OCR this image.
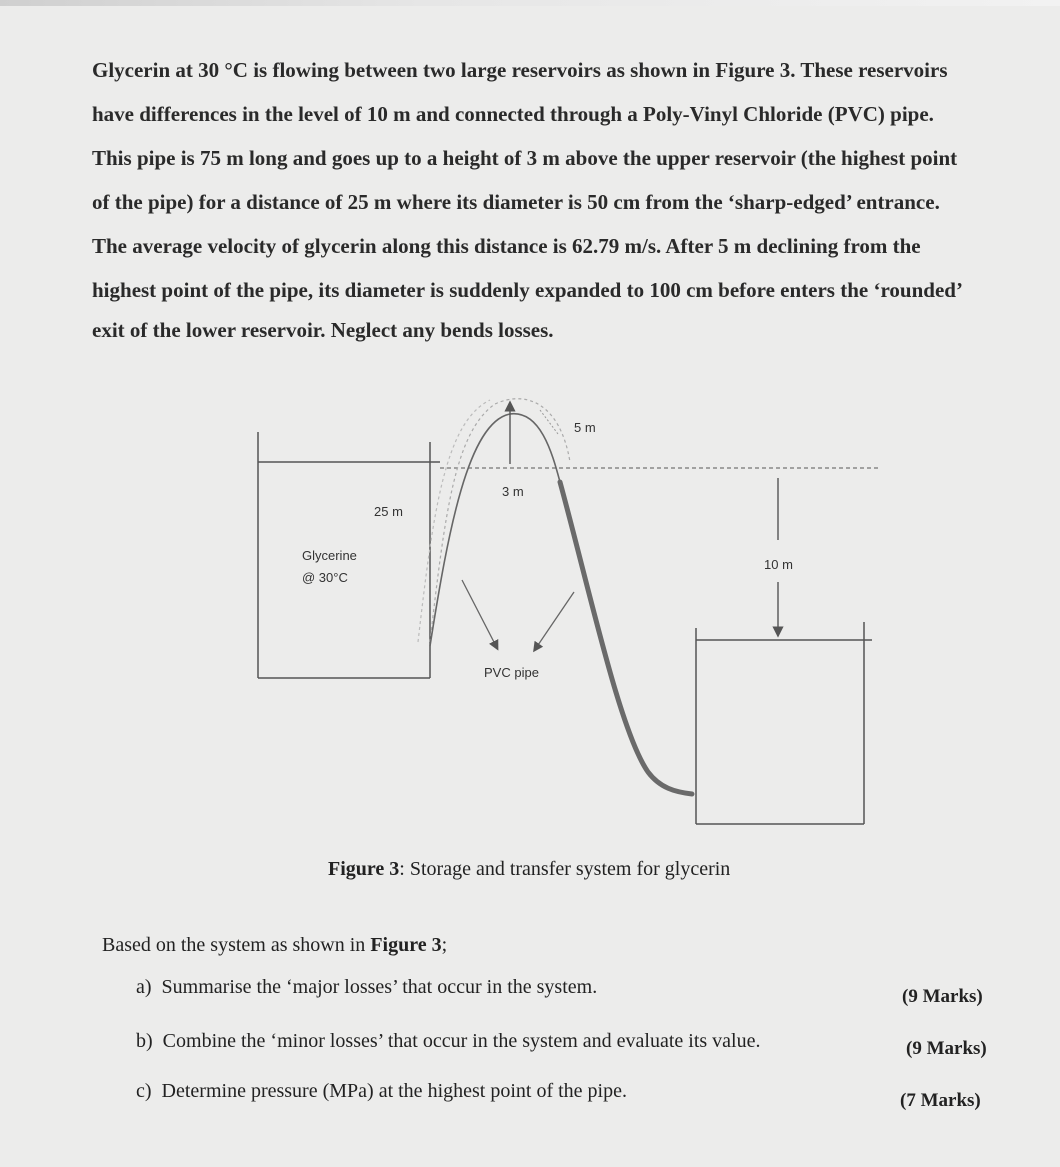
Glycerin at 30 °C is flowing between two large reservoirs as shown in Figure 3. These reservoirs
have differences in the level of 10 m and connected through a Poly-Vinyl Chloride (PVC) pipe.
This pipe is 75 m long and goes up to a height of 3 m above the upper reservoir (the highest point
of the pipe) for a distance of 25 m where its diameter is 50 cm from the ‘sharp-edged’ entrance.
The average velocity of glycerin along this distance is 62.79 m/s. After 5 m declining from the
highest point of the pipe, its diameter is suddenly expanded to 100 cm before enters the ‘rounded’
exit of the lower reservoir. Neglect any bends losses.
3 m
5 m
25 m
Glycerine
@ 30°C
PVC pipe
10 m
Figure 3: Storage and transfer system for glycerin
Based on the system as shown in Figure 3;
a) Summarise the ‘major losses’ that occur in the system.	(9 Marks)
b) Combine the ‘minor losses’ that occur in the system and evaluate its value.	(9 Marks)
c) Determine pressure (MPa) at the highest point of the pipe.	(7 Marks)
